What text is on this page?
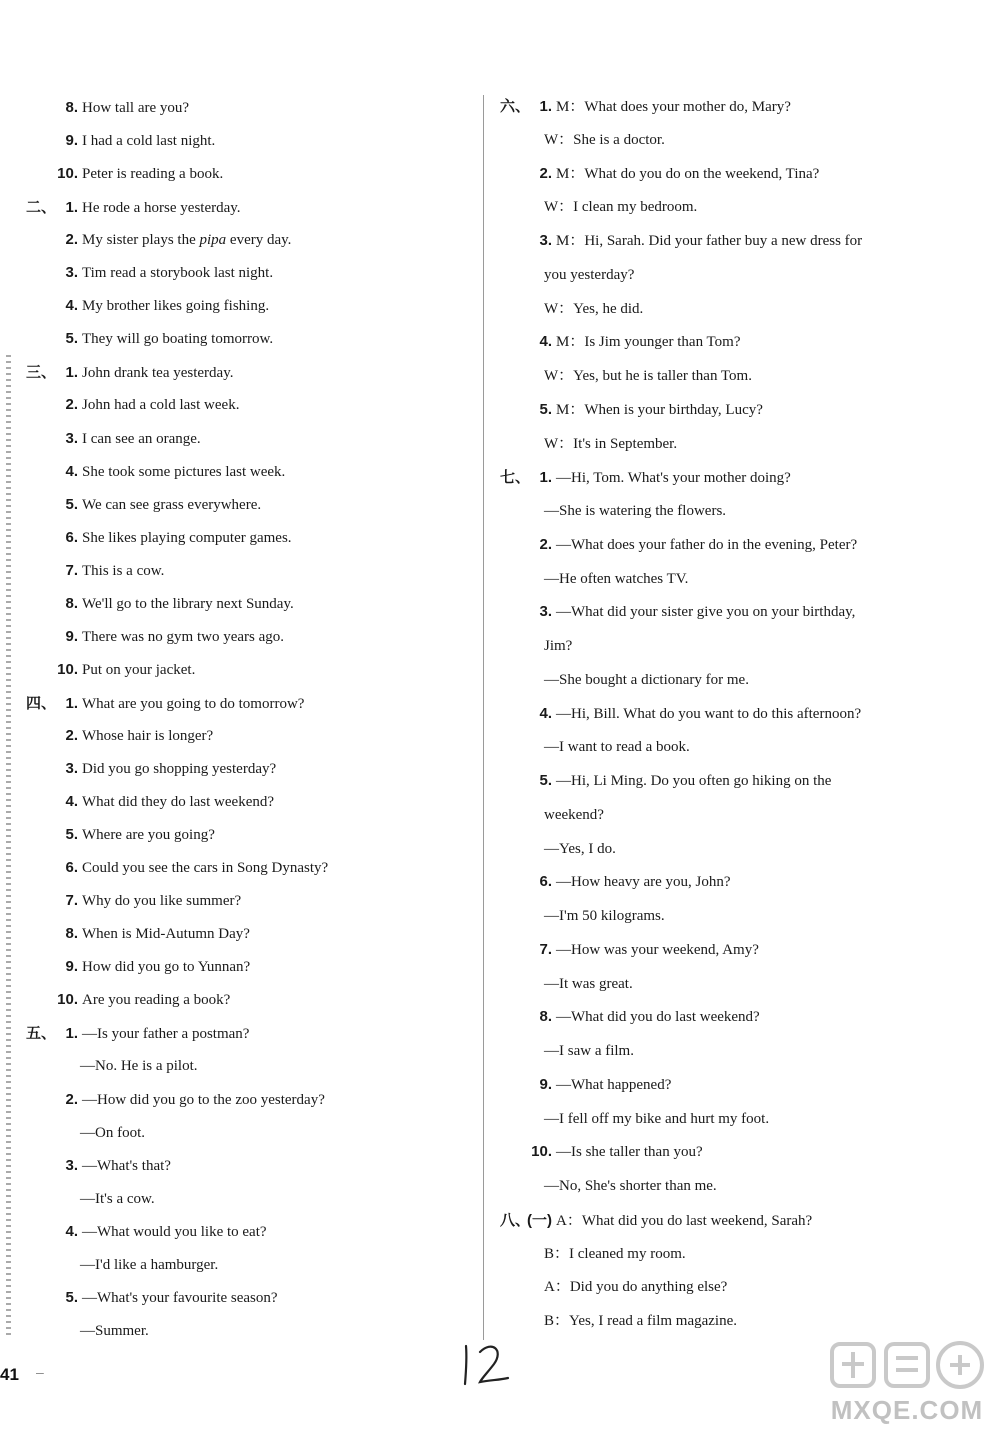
8. How tall are you?
9. I had a cold last night.
10. Peter is reading a book.
二、 1. He rode a horse yesterday.
2. My sister plays the pipa every day.
3. Tim read a storybook last night.
4. My brother likes going fishing.
5. They will go boating tomorrow.
三、 1. John drank tea yesterday.
2. John had a cold last week.
3. I can see an orange.
4. She took some pictures last week.
5. We can see grass everywhere.
6. She likes playing computer games.
7. This is a cow.
8. We'll go to the library next Sunday.
9. There was no gym two years ago.
10. Put on your jacket.
四、 1. What are you going to do tomorrow?
2. Whose hair is longer?
3. Did you go shopping yesterday?
4. What did they do last weekend?
5. Where are you going?
6. Could you see the cars in Song Dynasty?
7. Why do you like summer?
8. When is Mid-Autumn Day?
9. How did you go to Yunnan?
10. Are you reading a book?
五、 1. —Is your father a postman?
—No. He is a pilot.
2. —How did you go to the zoo yesterday?
—On foot.
3. —What's that?
—It's a cow.
4. —What would you like to eat?
—I'd like a hamburger.
5. —What's your favourite season?
—Summer.
六、 1. M：What does your mother do, Mary?
W：She is a doctor.
2. M：What do you do on the weekend, Tina?
W：I clean my bedroom.
3. M：Hi, Sarah. Did your father buy a new dress for
you yesterday?
W：Yes, he did.
4. M：Is Jim younger than Tom?
W：Yes, but he is taller than Tom.
5. M：When is your birthday, Lucy?
W：It's in September.
七、 1. —Hi, Tom. What's your mother doing?
—She is watering the flowers.
2. —What does your father do in the evening, Peter?
—He often watches TV.
3. —What did your sister give you on your birthday,
Jim?
—She bought a dictionary for me.
4. —Hi, Bill. What do you want to do this afternoon?
—I want to read a book.
5. —Hi, Li Ming. Do you often go hiking on the
weekend?
—Yes, I do.
6. —How heavy are you, John?
—I'm 50 kilograms.
7. —How was your weekend, Amy?
—It was great.
8. —What did you do last weekend?
—I saw a film.
9. —What happened?
—I fell off my bike and hurt my foot.
10. —Is she taller than you?
—No, She's shorter than me.
八、(一) A：What did you do last weekend, Sarah?
B：I cleaned my room.
A：Did you do anything else?
B：Yes, I read a film magazine.
41 –
MXQE.COM
